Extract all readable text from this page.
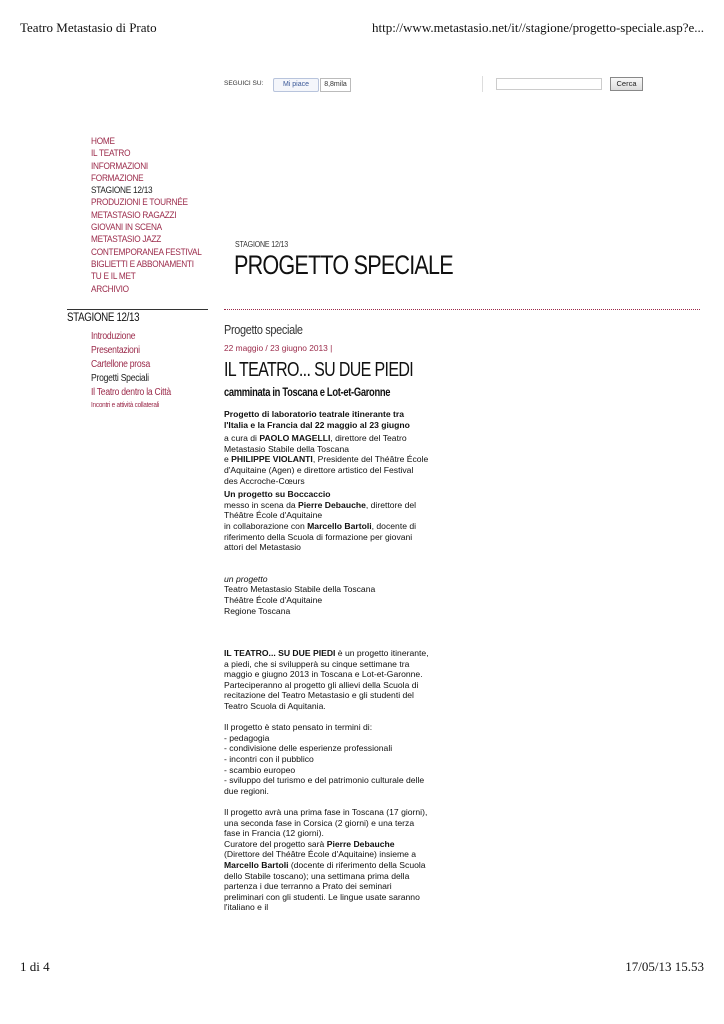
Teatro Metastasio di Prato	http://www.metastasio.net/it//stagione/progetto-speciale.asp?e...
SEGUICI SU:	Mi piace	8,8mila	Cerca
HOME
IL TEATRO
INFORMAZIONI
FORMAZIONE
STAGIONE 12/13
PRODUZIONI E TOURNÉE
METASTASIO RAGAZZI
GIOVANI IN SCENA
METASTASIO JAZZ
CONTEMPORANEA FESTIVAL
BIGLIETTI E ABBONAMENTI
TU E IL MET
ARCHIVIO
STAGIONE 12/13
Introduzione
Presentazioni
Cartellone prosa
Progetti Speciali
Il Teatro dentro la Città
Incontri e attività collaterali
STAGIONE 12/13
PROGETTO SPECIALE
Progetto speciale
22 maggio / 23 giugno 2013 |
IL TEATRO... SU DUE PIEDI
camminata in Toscana e Lot-et-Garonne

Progetto di laboratorio teatrale itinerante tra l'Italia e la Francia dal 22 maggio al 23 giugno

a cura di PAOLO MAGELLI, direttore del Teatro Metastasio Stabile della Toscana
e PHILIPPE VIOLANTI, Presidente del Théâtre École d'Aquitaine (Agen) e direttore artistico del Festival des Accroche-Cœurs

Un progetto su Boccaccio
messo in scena da Pierre Debauche, direttore del Théâtre École d'Aquitaine
in collaborazione con Marcello Bartoli, docente di riferimento della Scuola di formazione per giovani attori del Metastasio

un progetto
Teatro Metastasio Stabile della Toscana
Théâtre École d'Aquitaine
Regione Toscana

IL TEATRO... SU DUE PIEDI è un progetto itinerante, a piedi, che si svilupperà su cinque settimane tra maggio e giugno 2013 in Toscana e Lot-et-Garonne. Parteciperanno al progetto gli allievi della Scuola di recitazione del Teatro Metastasio e gli studenti del Teatro Scuola di Aquitania.

Il progetto è stato pensato in termini di:
- pedagogia
- condivisione delle esperienze professionali
- incontri con il pubblico
- scambio europeo
- sviluppo del turismo e del patrimonio culturale delle due regioni.

Il progetto avrà una prima fase in Toscana (17 giorni), una seconda fase in Corsica (2 giorni) e una terza fase in Francia (12 giorni).
Curatore del progetto sarà Pierre Debauche (Direttore del Théâtre École d'Aquitaine) insieme a Marcello Bartoli (docente di riferimento della Scuola dello Stabile toscano); una settimana prima della partenza i due terranno a Prato dei seminari preliminari con gli studenti. Le lingue usate saranno l'italiano e il

1 di 4	17/05/13 15.53
